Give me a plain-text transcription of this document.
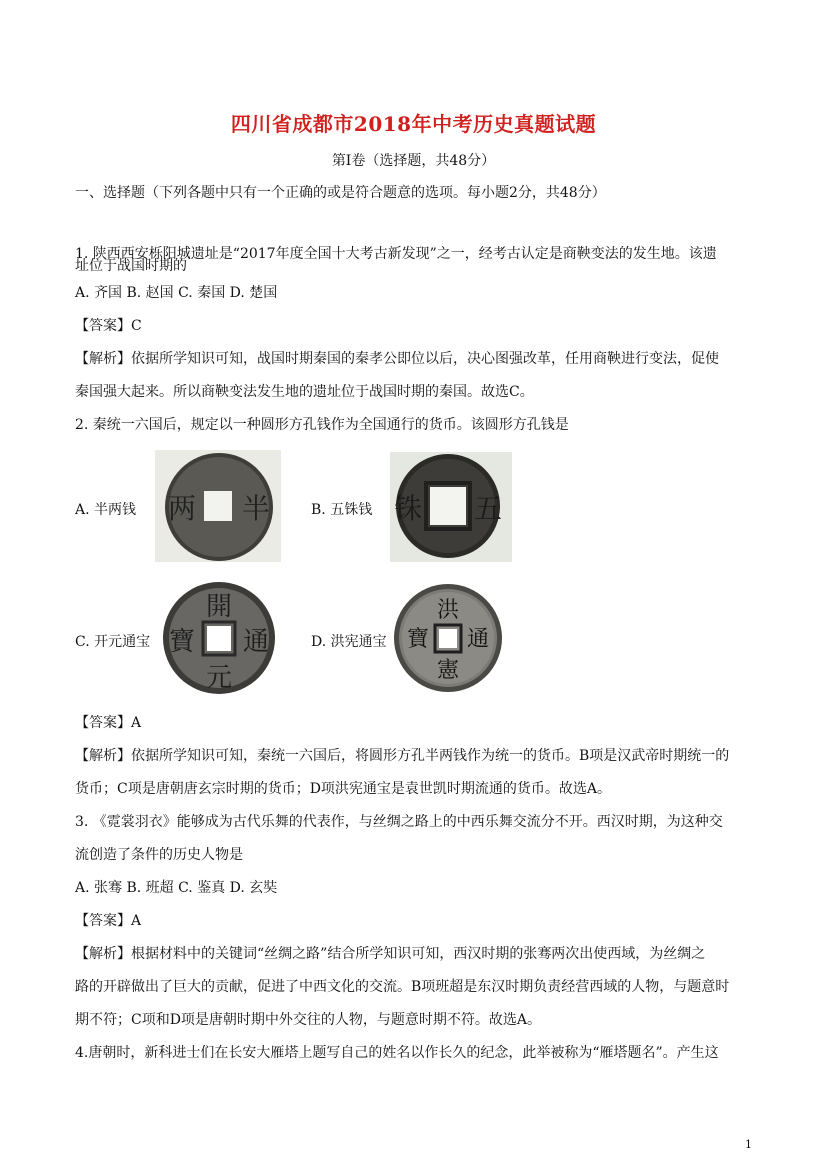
四川省成都市2018年中考历史真题试题
第Ⅰ卷（选择题，共48分）
一、选择题（下列各题中只有一个正确的或是符合题意的选项。每小题2分，共48分）
1. 陕西西安栎阳城遗址是“2017年度全国十大考古新发现”之一，经考古认定是商鞅变法的发生地。该遗
址位于战国时期的
A. 齐国 B. 赵国 C. 秦国 D. 楚国
【答案】C
【解析】依据所学知识可知，战国时期秦国的秦孝公即位以后，决心图强改革，任用商鞅进行变法，促使
秦国强大起来。所以商鞅变法发生地的遗址位于战国时期的秦国。故选C。
2. 秦统一六国后，规定以一种圆形方孔钱作为全国通行的货币。该圆形方孔钱是
A. 半两钱 两 半	B. 五铢钱 铢 五
C. 开元通宝
開
元
通
寶	D. 洪宪通宝
洪
憲
通
寶
【答案】A
【解析】依据所学知识可知，秦统一六国后，将圆形方孔半两钱作为统一的货币。B项是汉武帝时期统一的
货币；C项是唐朝唐玄宗时期的货币；D项洪宪通宝是袁世凯时期流通的货币。故选A。
3. 《霓裳羽衣》能够成为古代乐舞的代表作，与丝绸之路上的中西乐舞交流分不开。西汉时期，为这种交
流创造了条件的历史人物是
A. 张骞 B. 班超 C. 鉴真 D. 玄奘
【答案】A
【解析】根据材料中的关键词“丝绸之路”结合所学知识可知，西汉时期的张骞两次出使西域，为丝绸之
路的开辟做出了巨大的贡献，促进了中西文化的交流。B项班超是东汉时期负责经营西域的人物，与题意时
期不符；C项和D项是唐朝时期中外交往的人物，与题意时期不符。故选A。
4.唐朝时，新科进士们在长安大雁塔上题写自己的姓名以作长久的纪念，此举被称为“雁塔题名”。产生这
1
